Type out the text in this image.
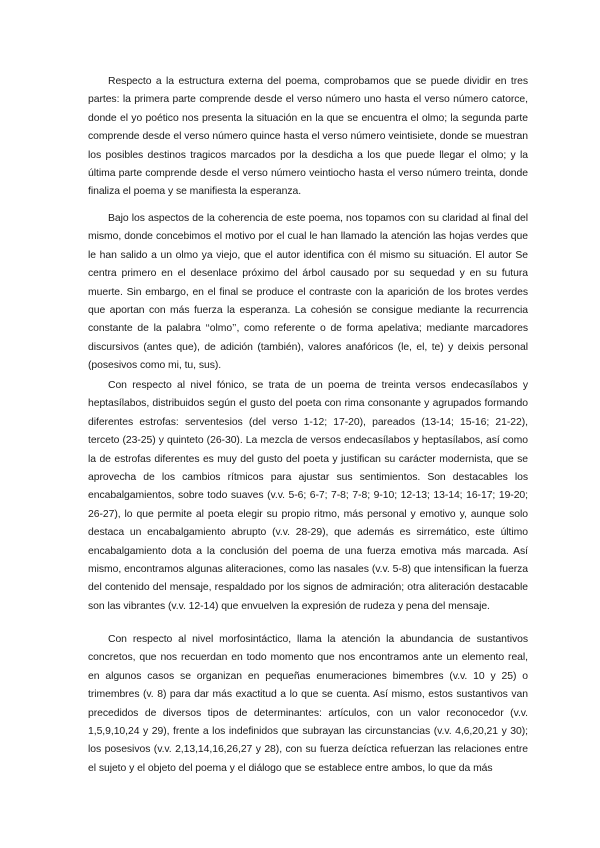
Respecto a la estructura externa del poema, comprobamos que se puede dividir en tres partes: la primera parte comprende desde el verso número uno hasta el verso número catorce, donde el yo poético nos presenta la situación en la que se encuentra el olmo; la segunda parte comprende desde el verso número quince hasta el verso número veintisiete, donde se muestran los posibles destinos tragicos marcados por la desdicha a los que puede llegar el olmo; y la última parte comprende desde el verso número veintiocho hasta el verso número treinta, donde finaliza el poema y se manifiesta la esperanza.

Bajo los aspectos de la coherencia de este poema, nos topamos con su claridad al final del mismo, donde concebimos el motivo por el cual le han llamado la atención las hojas verdes que le han salido a un olmo ya viejo, que el autor identifica con él mismo su situación. El autor Se centra primero en el desenlace próximo del árbol causado por su sequedad y en su futura muerte. Sin embargo, en el final se produce el contraste con la aparición de los brotes verdes que aportan con más fuerza la esperanza. La cohesión se consigue mediante la recurrencia constante de la palabra ‘‘olmo’’, como referente o de forma apelativa; mediante marcadores discursivos (antes que), de adición (también), valores anafóricos (le, el, te) y deixis personal (posesivos como mi, tu, sus).

Con respecto al nivel fónico, se trata de un poema de treinta versos endecasílabos y heptasílabos, distribuidos según el gusto del poeta con rima consonante y agrupados formando diferentes estrofas: serventesios (del verso 1-12; 17-20), pareados (13-14; 15-16; 21-22), terceto (23-25) y quinteto (26-30). La mezcla de versos endecasílabos y heptasílabos, así como la de estrofas diferentes es muy del gusto del poeta y justifican su carácter modernista, que se aprovecha de los cambios rítmicos para ajustar sus sentimientos. Son destacables los encabalgamientos, sobre todo suaves (v.v. 5-6; 6-7; 7-8; 7-8; 9-10; 12-13; 13-14; 16-17; 19-20; 26-27), lo que permite al poeta elegir su propio ritmo, más personal y emotivo y, aunque solo destaca un encabalgamiento abrupto (v.v. 28-29), que además es sirremático, este último encabalgamiento dota a la conclusión del poema de una fuerza emotiva más marcada. Así mismo, encontramos algunas aliteraciones, como las nasales (v.v. 5-8) que intensifican la fuerza del contenido del mensaje, respaldado por los signos de admiración; otra aliteración destacable son las vibrantes (v.v. 12-14) que envuelven la expresión de rudeza y pena del mensaje.

Con respecto al nivel morfosintáctico, llama la atención la abundancia de sustantivos concretos, que nos recuerdan en todo momento que nos encontramos ante un elemento real, en algunos casos se organizan en pequeñas enumeraciones bimembres (v.v. 10 y 25) o trimembres (v. 8) para dar más exactitud a lo que se cuenta. Así mismo, estos sustantivos van precedidos de diversos tipos de determinantes: artículos, con un valor reconocedor (v.v. 1,5,9,10,24 y 29), frente a los indefinidos que subrayan las circunstancias (v.v. 4,6,20,21 y 30); los posesivos (v.v. 2,13,14,16,26,27 y 28), con su fuerza deíctica refuerzan las relaciones entre el sujeto y el objeto del poema y el diálogo que se establece entre ambos, lo que da más
